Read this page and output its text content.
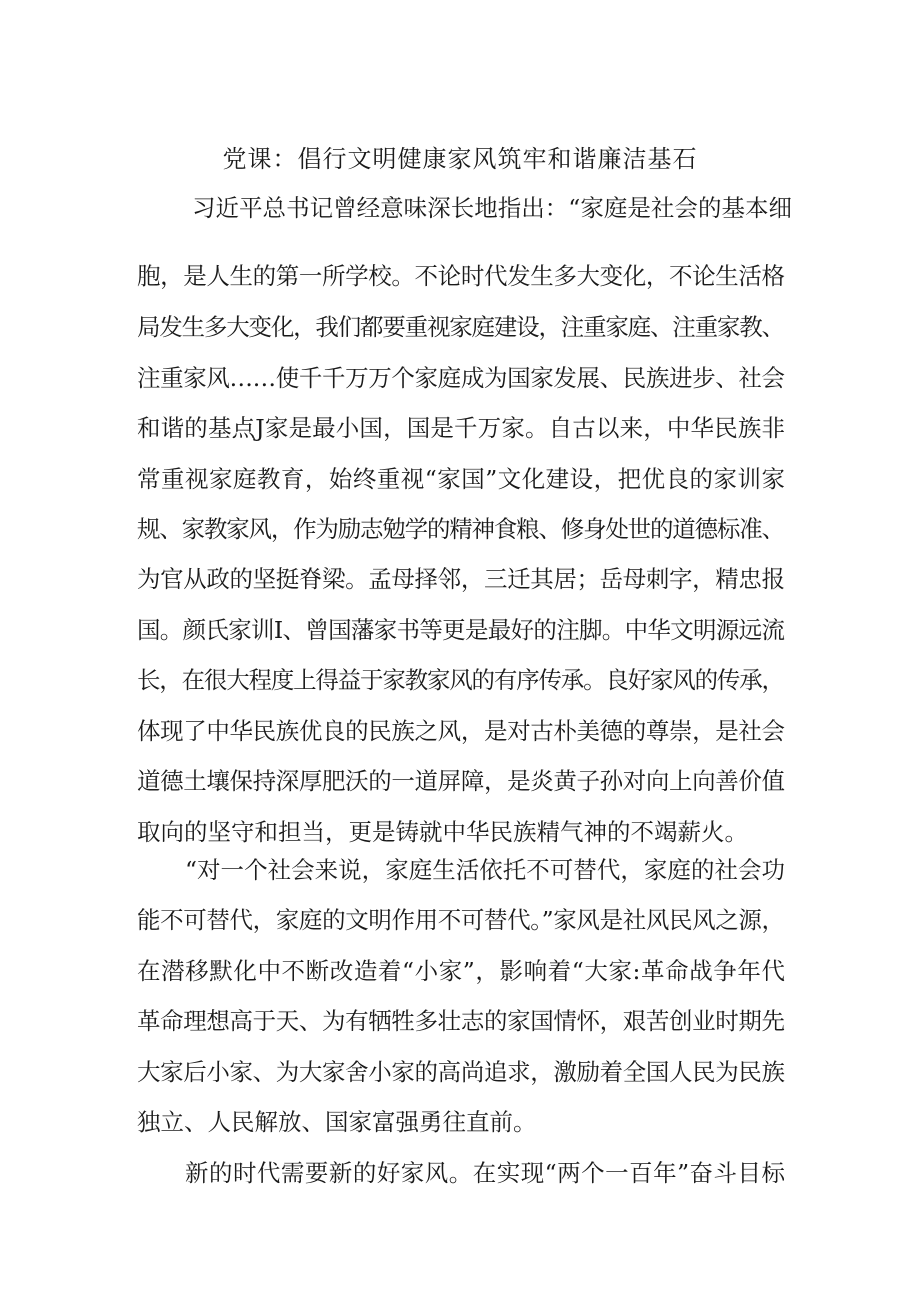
党课：倡行文明健康家风筑牢和谐廉洁基石
习近平总书记曾经意味深长地指出：“家庭是社会的基本细
胞，是人生的第一所学校。不论时代发生多大变化，不论生活格
局发生多大变化，我们都要重视家庭建设，注重家庭、注重家教、
注重家风……使千千万万个家庭成为国家发展、民族进步、社会
和谐的基点J家是最小国，国是千万家。自古以来，中华民族非
常重视家庭教育，始终重视“家国”文化建设，把优良的家训家
规、家教家风，作为励志勉学的精神食粮、修身处世的道德标准、
为官从政的坚挺脊梁。孟母择邻，三迁其居；岳母刺字，精忠报
国。颜氏家训I、曾国藩家书等更是最好的注脚。中华文明源远流
长，在很大程度上得益于家教家风的有序传承。良好家风的传承，
体现了中华民族优良的民族之风，是对古朴美德的尊崇，是社会
道德土壤保持深厚肥沃的一道屏障，是炎黄子孙对向上向善价值
取向的坚守和担当，更是铸就中华民族精气神的不竭薪火。
“对一个社会来说，家庭生活依托不可替代，家庭的社会功
能不可替代，家庭的文明作用不可替代。”家风是社风民风之源，
在潜移默化中不断改造着“小家”，影响着“大家:革命战争年代
革命理想高于天、为有牺牲多壮志的家国情怀，艰苦创业时期先
大家后小家、为大家舍小家的高尚追求，激励着全国人民为民族
独立、人民解放、国家富强勇往直前。
新的时代需要新的好家风。在实现“两个一百年”奋斗目标
